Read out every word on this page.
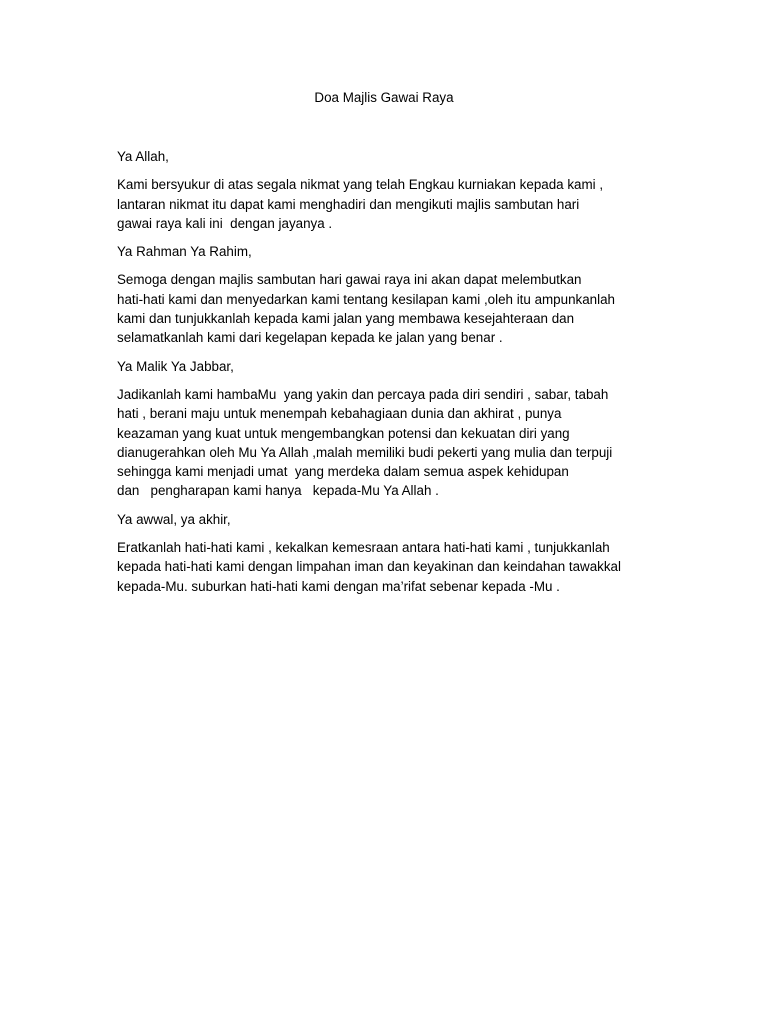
Doa Majlis Gawai Raya
Ya Allah,
Kami bersyukur di atas segala nikmat yang telah Engkau kurniakan kepada kami ,
lantaran nikmat itu dapat kami menghadiri dan mengikuti majlis sambutan hari
gawai raya kali ini  dengan jayanya .
Ya Rahman Ya Rahim,
Semoga dengan majlis sambutan hari gawai raya ini akan dapat melembutkan
hati-hati kami dan menyedarkan kami tentang kesilapan kami ,oleh itu ampunkanlah
kami dan tunjukkanlah kepada kami jalan yang membawa kesejahteraan dan
selamatkanlah kami dari kegelapan kepada ke jalan yang benar .
Ya Malik Ya Jabbar,
Jadikanlah kami hambaMu  yang yakin dan percaya pada diri sendiri , sabar, tabah
hati , berani maju untuk menempah kebahagiaan dunia dan akhirat , punya
keazaman yang kuat untuk mengembangkan potensi dan kekuatan diri yang
dianugerahkan oleh Mu Ya Allah ,malah memiliki budi pekerti yang mulia dan terpuji
sehingga kami menjadi umat  yang merdeka dalam semua aspek kehidupan
dan   pengharapan kami hanya   kepada-Mu Ya Allah .
Ya awwal, ya akhir,
Eratkanlah hati-hati kami , kekalkan kemesraan antara hati-hati kami , tunjukkanlah
kepada hati-hati kami dengan limpahan iman dan keyakinan dan keindahan tawakkal
kepada-Mu. suburkan hati-hati kami dengan ma’rifat sebenar kepada -Mu .
